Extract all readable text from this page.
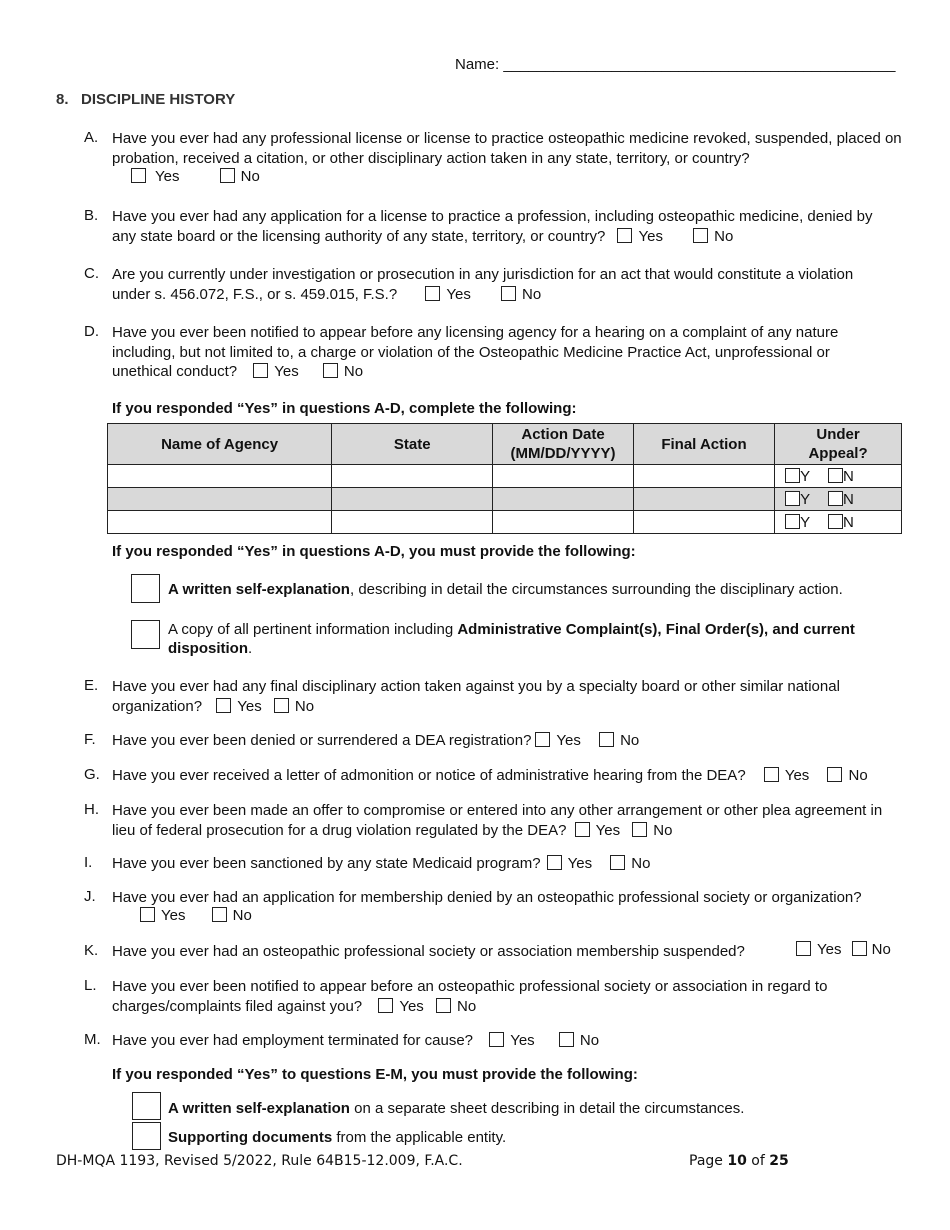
Name: _______________________________________________
8. DISCIPLINE HISTORY
A. Have you ever had any professional license or license to practice osteopathic medicine revoked, suspended, placed on probation, received a citation, or other disciplinary action taken in any state, territory, or country?
Yes	No
B. Have you ever had any application for a license to practice a profession, including osteopathic medicine, denied by any state board or the licensing authority of any state, territory, or country? Yes	No
C. Are you currently under investigation or prosecution in any jurisdiction for an act that would constitute a violation under s. 456.072, F.S., or s. 459.015, F.S.?	Yes	No
D. Have you ever been notified to appear before any licensing agency for a hearing on a complaint of any nature including, but not limited to, a charge or violation of the Osteopathic Medicine Practice Act, unprofessional or unethical conduct? Yes	No
If you responded “Yes” in questions A-D, complete the following:
Name of Agency	State	Action Date (MM/DD/YYYY)	Final Action	Under Appeal?
				Y N
				Y N
				Y N
If you responded “Yes” in questions A-D, you must provide the following:
A written self-explanation, describing in detail the circumstances surrounding the disciplinary action.
A copy of all pertinent information including Administrative Complaint(s), Final Order(s), and current disposition.
E. Have you ever had any final disciplinary action taken against you by a specialty board or other similar national organization? Yes No
F. Have you ever been denied or surrendered a DEA registration? Yes	No
G. Have you ever received a letter of admonition or notice of administrative hearing from the DEA?	Yes	No
H. Have you ever been made an offer to compromise or entered into any other arrangement or other plea agreement in lieu of federal prosecution for a drug violation regulated by the DEA? Yes No
I. Have you ever been sanctioned by any state Medicaid program? Yes	No
J. Have you ever had an application for membership denied by an osteopathic professional society or organization?
Yes	No
K. Have you ever had an osteopathic professional society or association membership suspended?	Yes No
L. Have you ever been notified to appear before an osteopathic professional society or association in regard to charges/complaints filed against you? Yes No
M. Have you ever had employment terminated for cause? Yes	No
If you responded “Yes” to questions E-M, you must provide the following:
A written self-explanation on a separate sheet describing in detail the circumstances.
Supporting documents from the applicable entity.
DH-MQA 1193, Revised 5/2022, Rule 64B15-12.009, F.A.C.	Page 10 of 25
